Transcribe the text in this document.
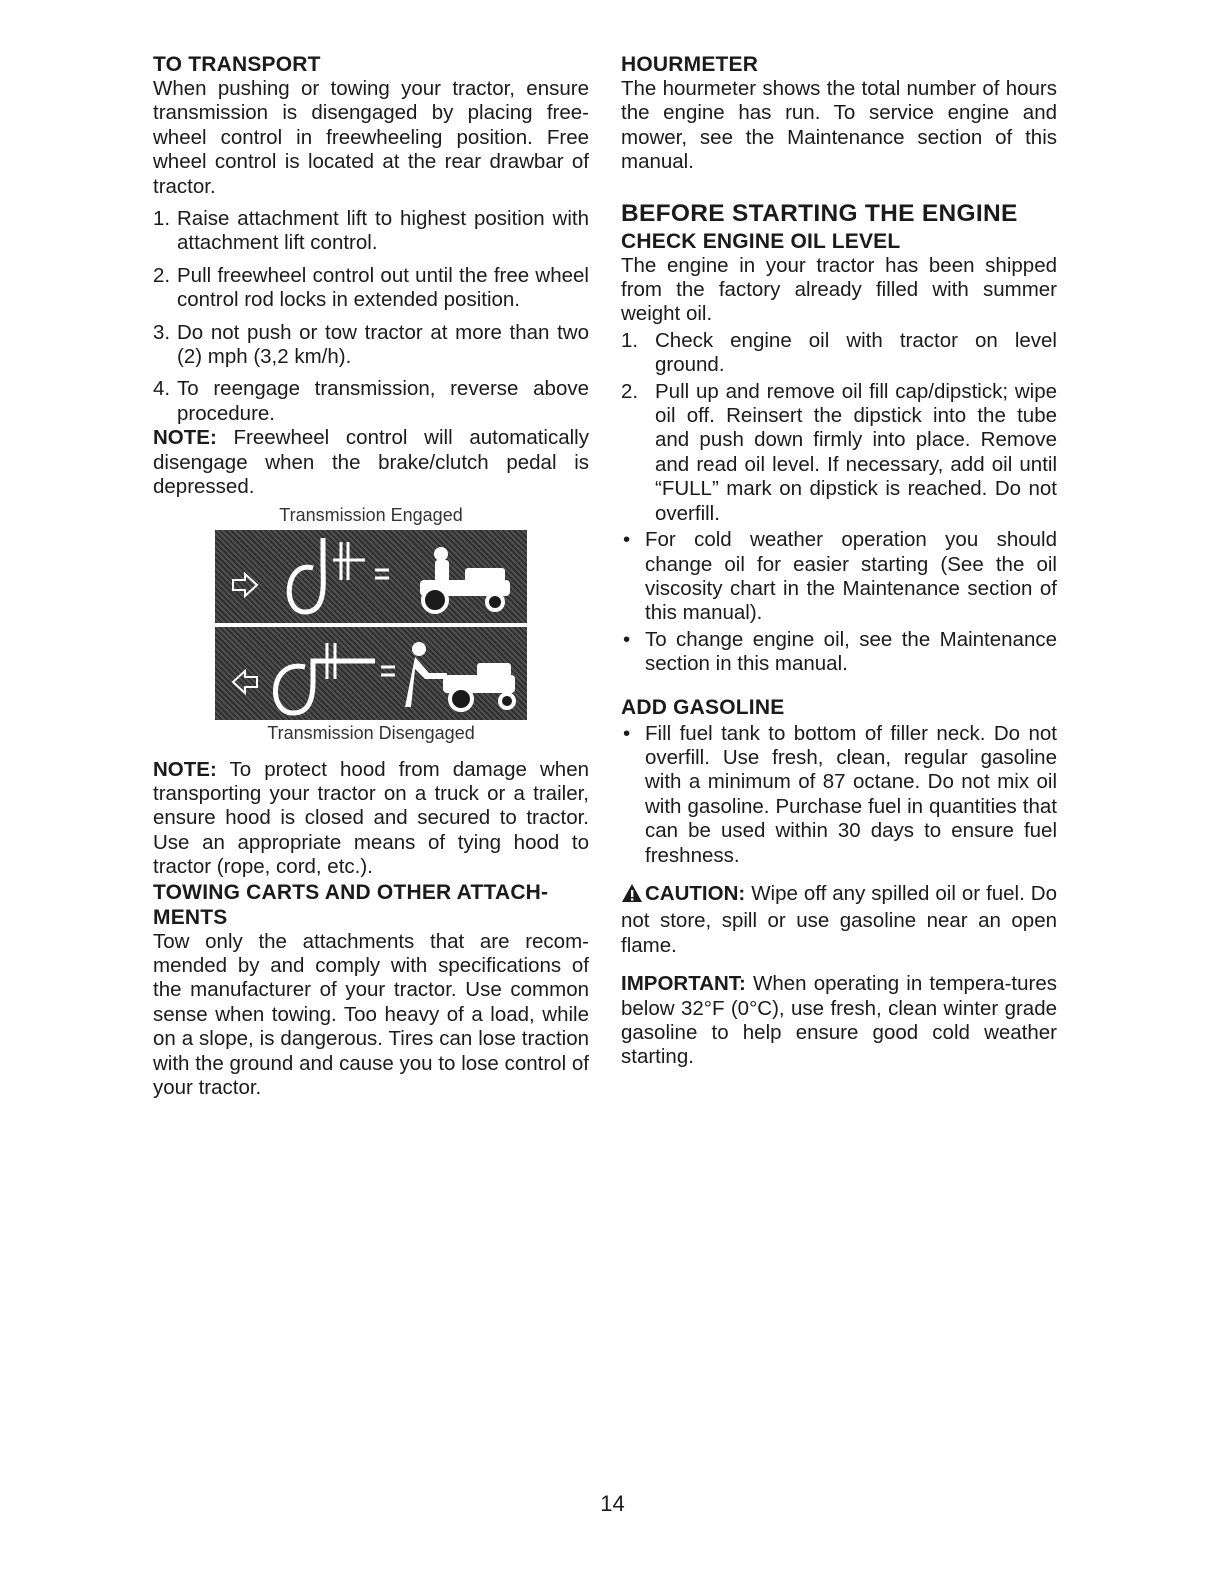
TO TRANSPORT

When pushing or towing your tractor, ensure transmission is disengaged by placing free-wheel control in freewheeling position. Free wheel control is located at the rear drawbar of tractor.

1. Raise attachment lift to highest position with attachment lift control.
2. Pull freewheel control out until the free wheel control rod locks in extended position.
3. Do not push or tow tractor at more than two (2) mph (3,2 km/h).
4. To reengage transmission, reverse above procedure.

NOTE: Freewheel control will automatically disengage when the brake/clutch pedal is depressed.

Transmission Engaged
Transmission Disengaged

NOTE: To protect hood from damage when transporting your tractor on a truck or a trailer, ensure hood is closed and secured to tractor. Use an appropriate means of tying hood to tractor (rope, cord, etc.).

TOWING CARTS AND OTHER ATTACH-MENTS

Tow only the attachments that are recom-mended by and comply with specifications of the manufacturer of your tractor. Use common sense when towing. Too heavy of a load, while on a slope, is dangerous. Tires can lose traction with the ground and cause you to lose control of your tractor.

HOURMETER

The hourmeter shows the total number of hours the engine has run. To service engine and mower, see the Maintenance section of this manual.

BEFORE STARTING THE ENGINE
CHECK ENGINE OIL LEVEL

The engine in your tractor has been shipped from the factory already filled with summer weight oil.

1. Check engine oil with tractor on level ground.
2. Pull up and remove oil fill cap/dipstick; wipe oil off. Reinsert the dipstick into the tube and push down firmly into place. Remove and read oil level. If necessary, add oil until “FULL” mark on dipstick is reached. Do not overfill.
• For cold weather operation you should change oil for easier starting (See the oil viscosity chart in the Maintenance section of this manual).
• To change engine oil, see the Maintenance section in this manual.
ADD GASOLINE
• Fill fuel tank to bottom of filler neck. Do not overfill. Use fresh, clean, regular gasoline with a minimum of 87 octane. Do not mix oil with gasoline. Purchase fuel in quantities that can be used within 30 days to ensure fuel freshness.

CAUTION: Wipe off any spilled oil or fuel. Do not store, spill or use gasoline near an open flame.

IMPORTANT: When operating in tempera-tures below 32°F (0°C), use fresh, clean winter grade gasoline to help ensure good cold weather starting.

14
